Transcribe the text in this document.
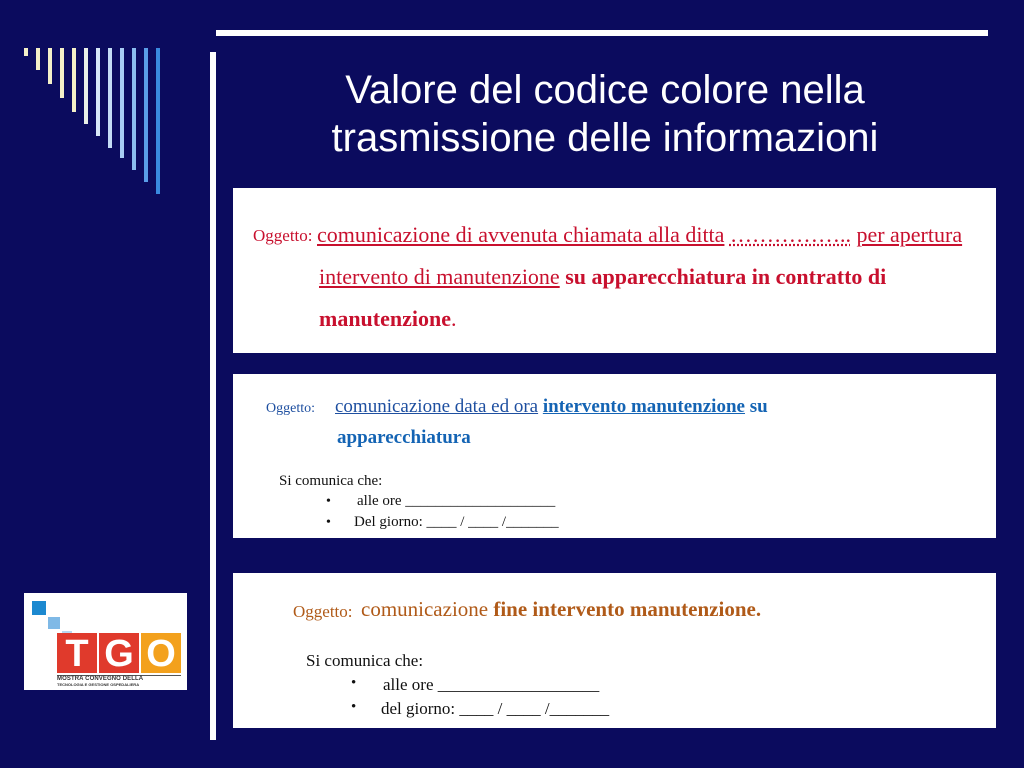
Valore del codice colore nella
trasmissione delle informazioni
Oggetto: comunicazione di avvenuta chiamata alla ditta …………….. per apertura
intervento di manutenzione su apparecchiatura in contratto di
manutenzione.
Oggetto: comunicazione data ed ora intervento manutenzione su
apparecchiatura
Si comunica che:
• alle ore ____________________
• Del giorno: ____ / ____ /_______
Oggetto: comunicazione fine intervento manutenzione.
Si comunica che:
• alle ore ___________________
• del giorno: ____ / ____ /_______
T G O
MOSTRA CONVEGNO DELLA
TECNOLOGIA E GESTIONE OSPEDALIERA
